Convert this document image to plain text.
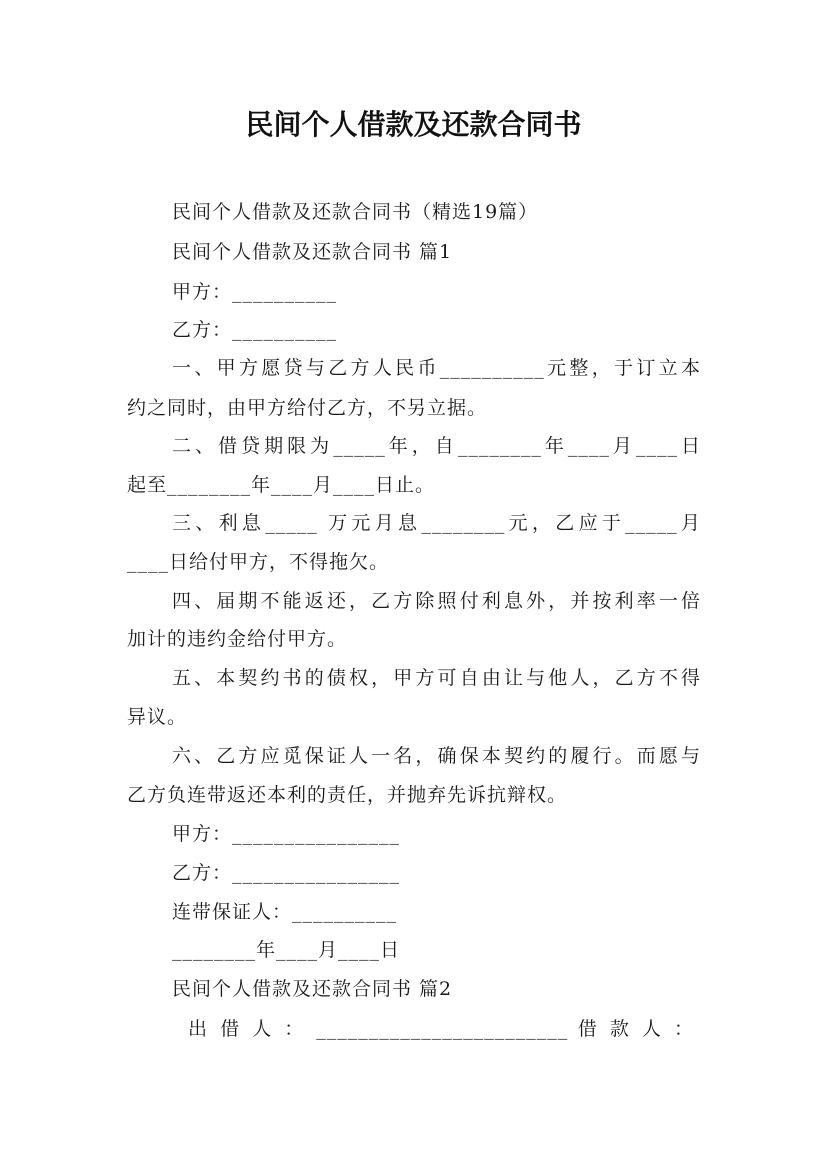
民间个人借款及还款合同书
民间个人借款及还款合同书（精选19篇）
民间个人借款及还款合同书 篇1
甲方：__________
乙方：__________
一、甲方愿贷与乙方人民币__________元整，于订立本
约之同时，由甲方给付乙方，不另立据。
二、借贷期限为_____年，自________年____月____日
起至________年____月____日止。
三、利息_____ 万元月息________元，乙应于_____月
____日给付甲方，不得拖欠。
四、届期不能返还，乙方除照付利息外，并按利率一倍
加计的违约金给付甲方。
五、本契约书的债权，甲方可自由让与他人，乙方不得
异议。
六、乙方应觅保证人一名，确保本契约的履行。而愿与
乙方负连带返还本利的责任，并抛弃先诉抗辩权。
甲方：________________
乙方：________________
连带保证人：__________
________年____月____日
民间个人借款及还款合同书 篇2
出 借 人 ： ________________________ 借 款 人 ：
